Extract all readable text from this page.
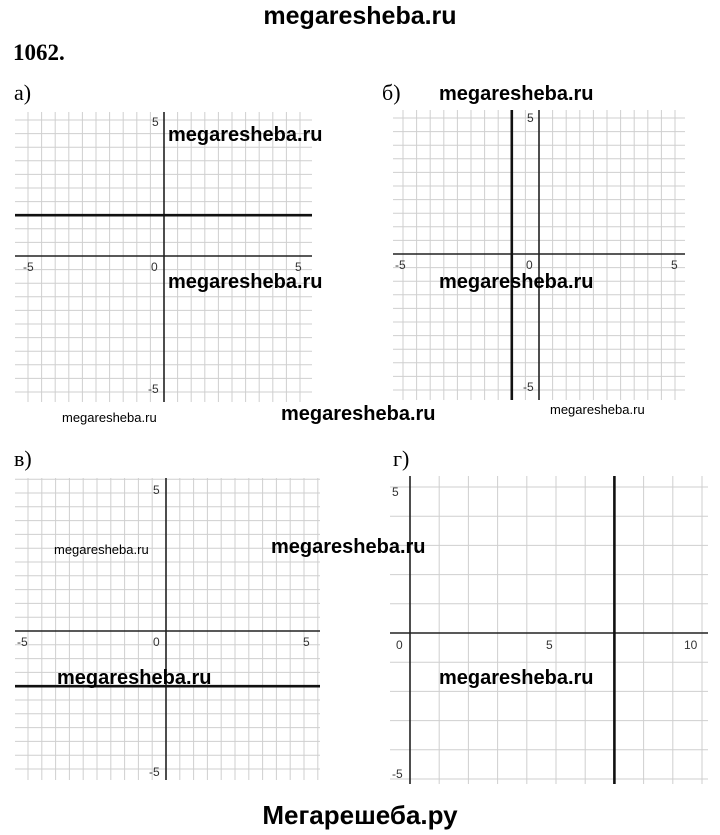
megaresheba.ru
1062.
а)	б)
в)	г)
-5	0	5
5
-5
-5	0	5
5
-5
-5	0	5
5
-5
0	5	10
5
-5
megaresheba.ru
megaresheba.ru
megaresheba.ru	megaresheba.ru
megaresheba.ru
megaresheba.ru
megaresheba.ru
megaresheba.ru	megaresheba.ru
megaresheba.ru	megaresheba.ru
Мегарешеба.ру
